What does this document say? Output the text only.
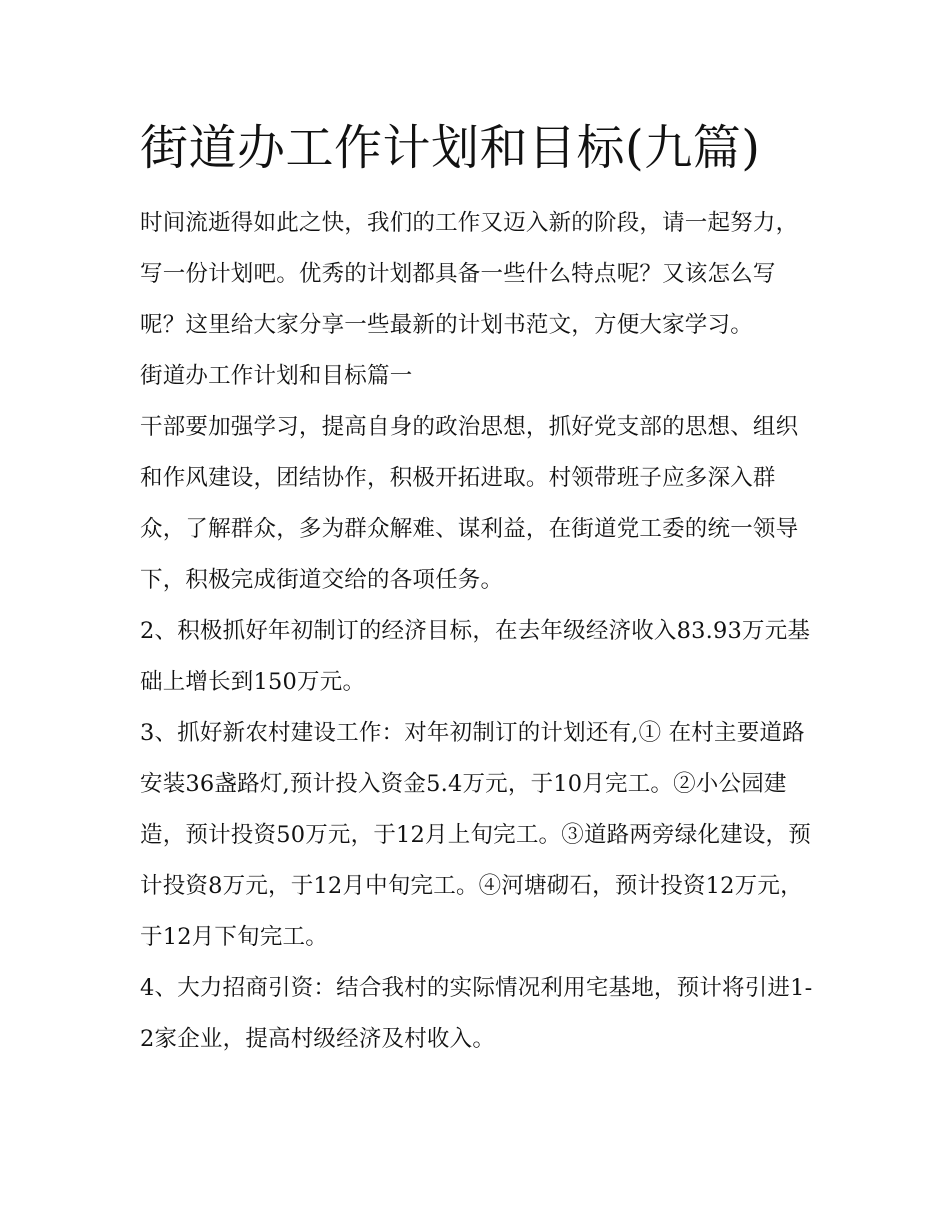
街道办工作计划和目标(九篇)

时间流逝得如此之快，我们的工作又迈入新的阶段，请一起努力，写一份计划吧。优秀的计划都具备一些什么特点呢？又该怎么写呢？这里给大家分享一些最新的计划书范文，方便大家学习。

街道办工作计划和目标篇一

干部要加强学习，提高自身的政治思想，抓好党支部的思想、组织和作风建设，团结协作，积极开拓进取。村领带班子应多深入群众，了解群众，多为群众解难、谋利益，在街道党工委的统一领导下，积极完成街道交给的各项任务。

2、积极抓好年初制订的经济目标，在去年级经济收入83.93万元基础上增长到150万元。

3、抓好新农村建设工作：对年初制订的计划还有,① 在村主要道路安装36盏路灯,预计投入资金5.4万元，于10月完工。②小公园建造，预计投资50万元，于12月上旬完工。③道路两旁绿化建设，预计投资8万元，于12月中旬完工。④河塘砌石，预计投资12万元，于12月下旬完工。

4、大力招商引资：结合我村的实际情况利用宅基地，预计将引进1-2家企业，提高村级经济及村收入。
